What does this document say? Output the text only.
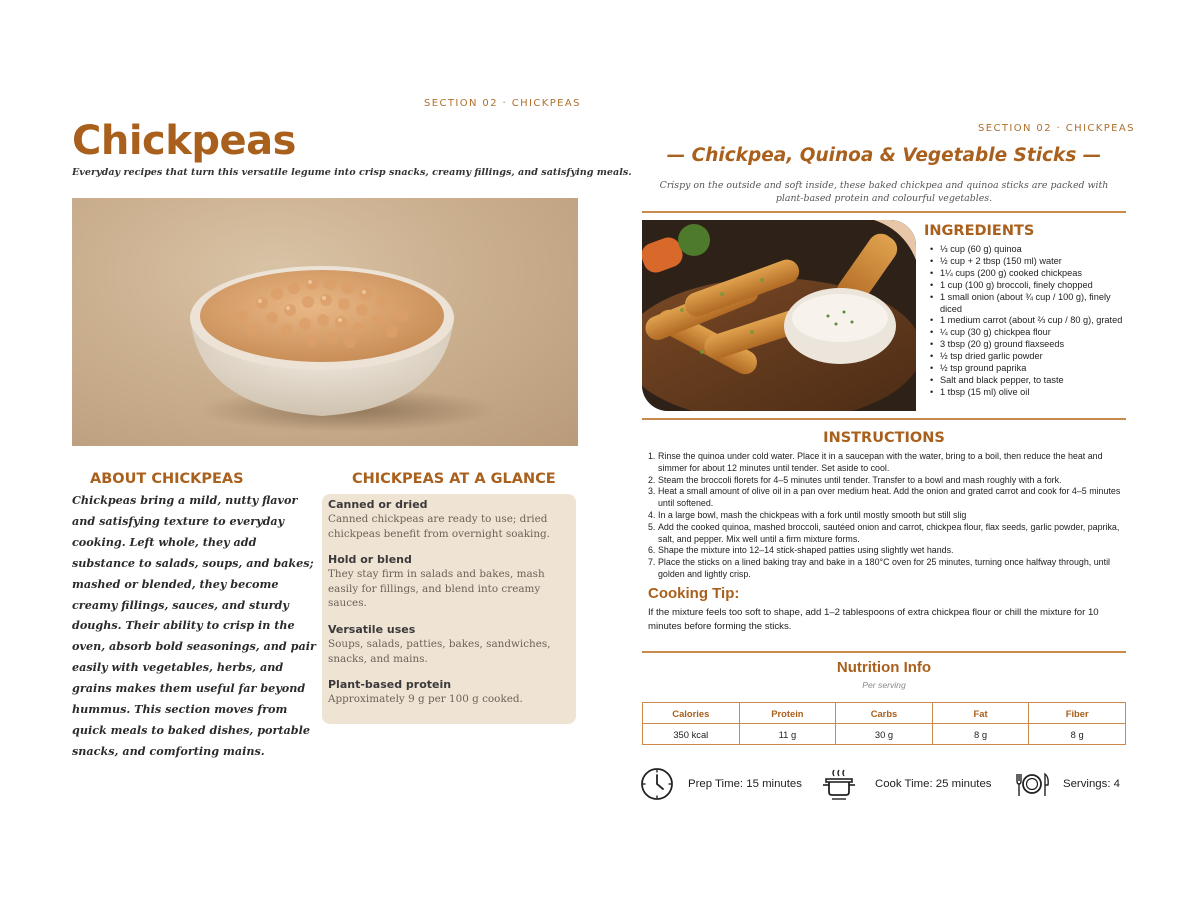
SECTION 02 · CHICKPEAS
Chickpeas
Everyday recipes that turn this versatile legume into crisp snacks, creamy fillings, and satisfying meals.
ABOUT CHICKPEAS

Chickpeas bring a mild, nutty flavor and satisfying texture to everyday cooking. Left whole, they add substance to salads, soups, and bakes; mashed or blended, they become creamy fillings, sauces, and sturdy doughs. Their ability to crisp in the oven, absorb bold seasonings, and pair easily with vegetables, herbs, and grains makes them useful far beyond hummus. This section moves from quick meals to baked dishes, portable snacks, and comforting mains.

CHICKPEAS AT A GLANCE
Canned or dried

Canned chickpeas are ready to use; dried chickpeas benefit from overnight soaking.

Hold or blend

They stay firm in salads and bakes, mash easily for fillings, and blend into creamy sauces.

Versatile uses

Soups, salads, patties, bakes, sandwiches, snacks, and mains.

Plant-based protein

Approximately 9 g per 100 g cooked.

SECTION 02 · CHICKPEAS
— Chickpea, Quinoa & Vegetable Sticks —

Crispy on the outside and soft inside, these baked chickpea and quinoa sticks are packed with plant-based protein and colourful vegetables.

INGREDIENTS
• ⅓ cup (60 g) quinoa
• ½ cup + 2 tbsp (150 ml) water
• 1¼ cups (200 g) cooked chickpeas
• 1 cup (100 g) broccoli, finely chopped
• 1 small onion (about ¾ cup / 100 g), finely diced
• 1 medium carrot (about ⅔ cup / 80 g), grated
• ¼ cup (30 g) chickpea flour
• 3 tbsp (20 g) ground flaxseeds
• ½ tsp dried garlic powder
• ½ tsp ground paprika
• Salt and black pepper, to taste
• 1 tbsp (15 ml) olive oil
INSTRUCTIONS
1. Rinse the quinoa under cold water. Place it in a saucepan with the water, bring to a boil, then reduce the heat and simmer for about 12 minutes until tender. Set aside to cool.
2. Steam the broccoli florets for 4–5 minutes until tender. Transfer to a bowl and mash roughly with a fork.
3. Heat a small amount of olive oil in a pan over medium heat. Add the onion and grated carrot and cook for 4–5 minutes until softened.
4. In a large bowl, mash the chickpeas with a fork until mostly smooth but still slig
5. Add the cooked quinoa, mashed broccoli, sautéed onion and carrot, chickpea flour, flax seeds, garlic powder, paprika, salt, and pepper. Mix well until a firm mixture forms.
6. Shape the mixture into 12–14 stick-shaped patties using slightly wet hands.
7. Place the sticks on a lined baking tray and bake in a 180°C oven for 25 minutes, turning once halfway through, until golden and lightly crisp.
Cooking Tip:

If the mixture feels too soft to shape, add 1–2 tablespoons of extra chickpea flour or chill the mixture for 10 minutes before forming the sticks.

Nutrition Info
Per serving
Calories	Protein	Carbs	Fat	Fiber
350 kcal	11 g	30 g	8 g	8 g
Prep Time: 15 minutes	Cook Time: 25 minutes	Servings: 4
